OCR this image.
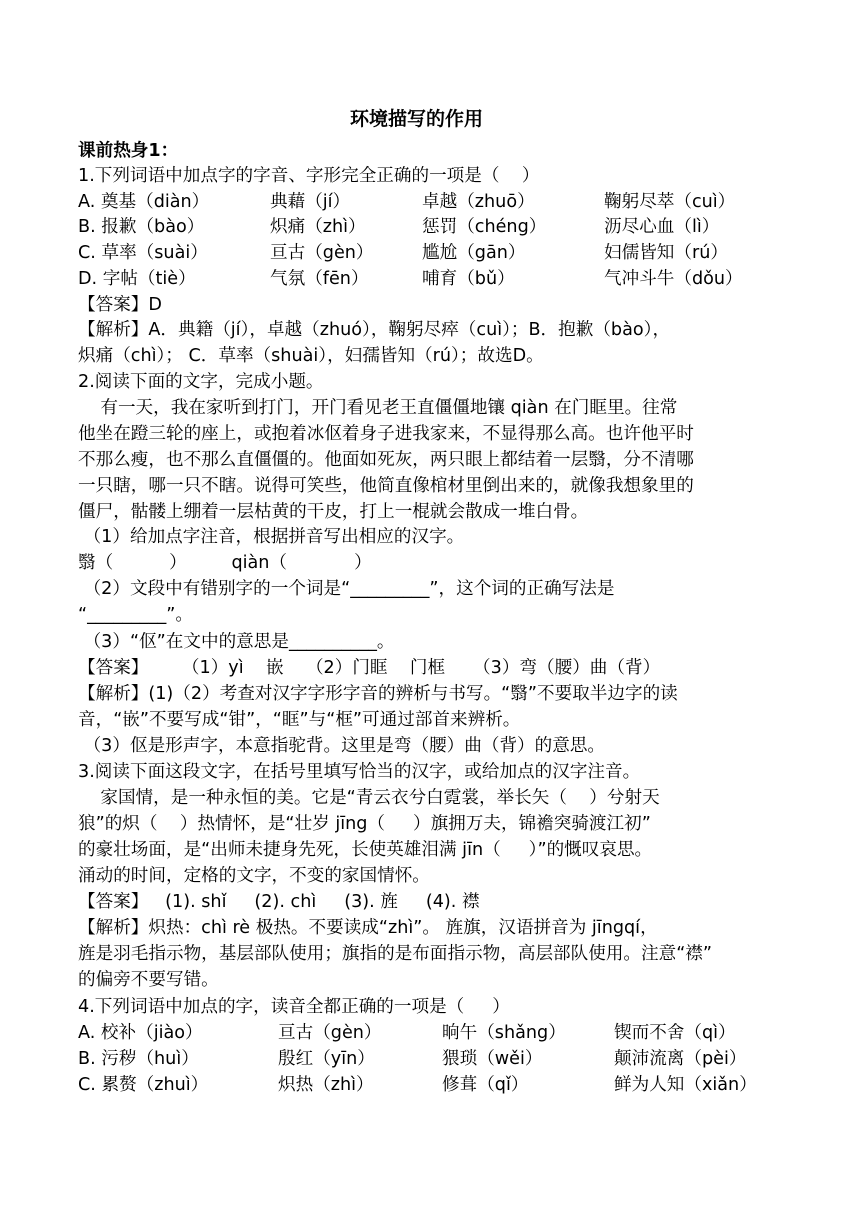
环境描写的作用
课前热身1：
1.下列词语中加点字的字音、字形完全正确的一项是（    ）
A. 奠基（diàn）	典藉（jí）	卓越（zhuō）	鞠躬尽萃（cuì）
B. 报歉（bào）	炽痛（zhì）	惩罚（chéng）	沥尽心血（lì）
C. 草率（suài）	亘古（gèn）	尴尬（gān）	妇儒皆知（rú）
D. 字帖（tiè）	气氛（fēn）	哺育（bǔ）	气冲斗牛（dǒu）
【答案】D
【解析】A．典籍（jí），卓越（zhuó），鞠躬尽瘁（cuì）；B．抱歉（bào），
炽痛（chì）； C．草率（shuài），妇孺皆知（rú）；故选D。
2.阅读下面的文字，完成小题。
有一天，我在家听到打门，开门看见老王直僵僵地镶 qiàn 在门眶里。往常
他坐在蹬三轮的座上，或抱着冰伛着身子进我家来，不显得那么高。也许他平时
不那么瘦，也不那么直僵僵的。他面如死灰，两只眼上都结着一层翳，分不清哪
一只瞎，哪一只不瞎。说得可笑些，他简直像棺材里倒出来的，就像我想象里的
僵尸，骷髅上绷着一层枯黄的干皮，打上一棍就会散成一堆白骨。
（1）给加点字注音，根据拼音写出相应的汉字。
翳（          ）        qiàn（            ）
（2）文段中有错别字的一个词是“_________”，这个词的正确写法是
“_________”。
（3）“伛”在文中的意思是__________。
【答案】      （1）yì    嵌    （2）门眶    门框     （3）弯（腰）曲（背）
【解析】(1)（2）考查对汉字字形字音的辨析与书写。“翳”不要取半边字的读
音，“嵌”不要写成“钳”，“眶”与“框”可通过部首来辨析。
（3）伛是形声字，本意指驼背。这里是弯（腰）曲（背）的意思。
3.阅读下面这段文字，在括号里填写恰当的汉字，或给加点的汉字注音。
家国情，是一种永恒的美。它是“青云衣兮白霓裳，举长矢（    ）兮射天
狼”的炽（    ）热情怀，是“壮岁 jīng（     ）旗拥万夫，锦襜突骑渡江初”
的豪壮场面，是“出师未捷身先死，长使英雄泪满 jīn（     ）”的慨叹哀思。
涌动的时间，定格的文字，不变的家国情怀。
【答案】   (1). shǐ     (2). chì     (3). 旌     (4). 襟
【解析】炽热：chì rè 极热。不要读成“zhì”。 旌旗，汉语拼音为 jīngqí，
旌是羽毛指示物，基层部队使用；旗指的是布面指示物，高层部队使用。注意“襟”
的偏旁不要写错。
4.下列词语中加点的字，读音全都正确的一项是（     ）
A. 校补（jiào）	亘古（gèn）	晌午（shǎng）	锲而不舍（qì）
B. 污秽（huì）	殷红（yīn）	猥琐（wěi）	颠沛流离（pèi）
C. 累赘（zhuì）	炽热（zhì）	修葺（qǐ）	鲜为人知（xiǎn）
